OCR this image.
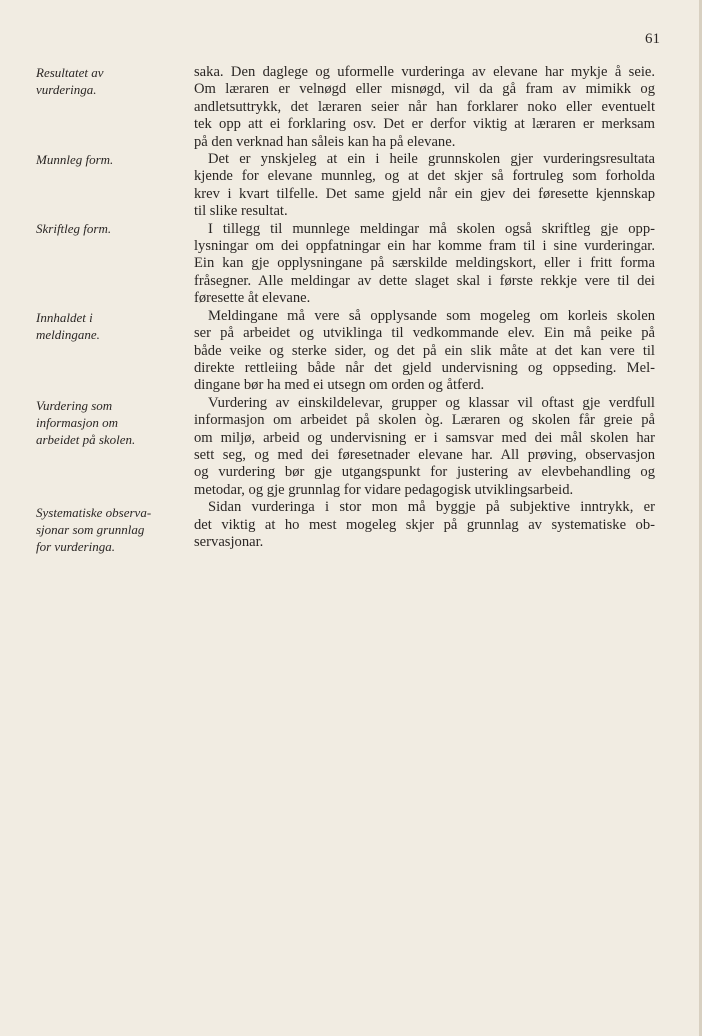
61
Resultatet av
vurderinga.
Munnleg form.
Skriftleg form.
Innhaldet i
meldingane.
Vurdering som
informasjon om
arbeidet på skolen.
Systematiske observa-
sjonar som grunnlag
for vurderinga.
saka. Den daglege og uformelle vurderinga av elevane har mykje å seie.
Om læraren er velnøgd eller misnøgd, vil da gå fram av mimikk og
andletsuttrykk, det læraren seier når han forklarer noko eller eventuelt
tek opp att ei forklaring osv. Det er derfor viktig at læraren er merksam
på den verknad han såleis kan ha på elevane.
Det er ynskjeleg at ein i heile grunnskolen gjer vurderingsresultata
kjende for elevane munnleg, og at det skjer så fortruleg som forholda
krev i kvart tilfelle. Det same gjeld når ein gjev dei føresette kjennskap
til slike resultat.
I tillegg til munnlege meldingar må skolen også skriftleg gje opp-
lysningar om dei oppfatningar ein har komme fram til i sine vurderingar.
Ein kan gje opplysningane på særskilde meldingskort, eller i fritt forma
fråsegner. Alle meldingar av dette slaget skal i første rekkje vere til dei
føresette åt elevane.
Meldingane må vere så opplysande som mogeleg om korleis skolen
ser på arbeidet og utviklinga til vedkommande elev. Ein må peike på
både veike og sterke sider, og det på ein slik måte at det kan vere til
direkte rettleiing både når det gjeld undervisning og oppseding. Mel-
dingane bør ha med ei utsegn om orden og åtferd.
Vurdering av einskildelevar, grupper og klassar vil oftast gje verdfull
informasjon om arbeidet på skolen òg. Læraren og skolen får greie på
om miljø, arbeid og undervisning er i samsvar med dei mål skolen har
sett seg, og med dei føresetnader elevane har. All prøving, observasjon
og vurdering bør gje utgangspunkt for justering av elevbehandling og
metodar, og gje grunnlag for vidare pedagogisk utviklingsarbeid.
Sidan vurderinga i stor mon må byggje på subjektive inntrykk, er
det viktig at ho mest mogeleg skjer på grunnlag av systematiske ob-
servasjonar.
